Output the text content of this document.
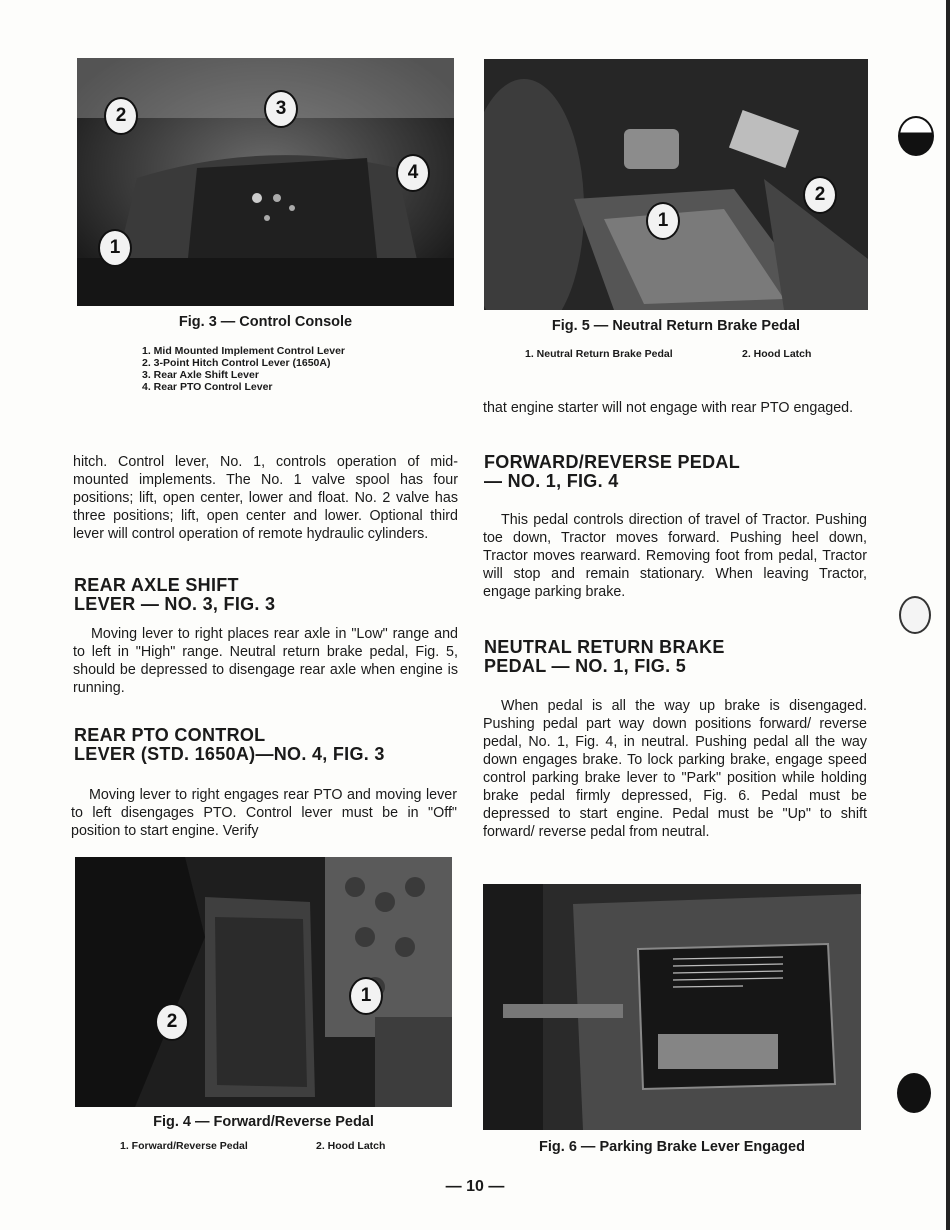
2	3
4
1
Fig. 3 — Control Console
1. Mid Mounted Implement Control Lever
2. 3-Point Hitch Control Lever (1650A)
3. Rear Axle Shift Lever
4. Rear PTO Control Lever
1
2
Fig. 5 — Neutral Return Brake Pedal
1. Neutral Return Brake Pedal	2. Hood Latch

that engine starter will not engage with rear PTO engaged.

FORWARD/REVERSE PEDAL
— NO. 1, FIG. 4

This pedal controls direction of travel of Tractor. Pushing toe down, Tractor moves forward. Pushing heel down, Tractor moves rearward. Removing foot from pedal, Tractor will stop and remain stationary. When leaving Tractor, engage parking brake.

NEUTRAL RETURN BRAKE
PEDAL — NO. 1, FIG. 5

When pedal is all the way up brake is disengaged. Pushing pedal part way down positions forward/ reverse pedal, No. 1, Fig. 4, in neutral. Pushing pedal all the way down engages brake. To lock parking brake, engage speed control parking brake lever to "Park" position while holding brake pedal firmly depressed, Fig. 6. Pedal must be depressed to start engine. Pedal must be "Up" to shift forward/ reverse pedal from neutral.

hitch. Control lever, No. 1, controls operation of mid-mounted implements. The No. 1 valve spool has four positions; lift, open center, lower and float. No. 2 valve has three positions; lift, open center and lower. Optional third lever will control operation of remote hydraulic cylinders.

REAR AXLE SHIFT
LEVER — NO. 3, FIG. 3

Moving lever to right places rear axle in "Low" range and to left in "High" range. Neutral return brake pedal, Fig. 5, should be depressed to disengage rear axle when engine is running.

REAR PTO CONTROL
LEVER (STD. 1650A)—NO. 4, FIG. 3

Moving lever to right engages rear PTO and moving lever to left disengages PTO. Control lever must be in "Off" position to start engine. Verify

1
2
Fig. 4 — Forward/Reverse Pedal
1. Forward/Reverse Pedal	2. Hood Latch	Fig. 6 — Parking Brake Lever Engaged
— 10 —
